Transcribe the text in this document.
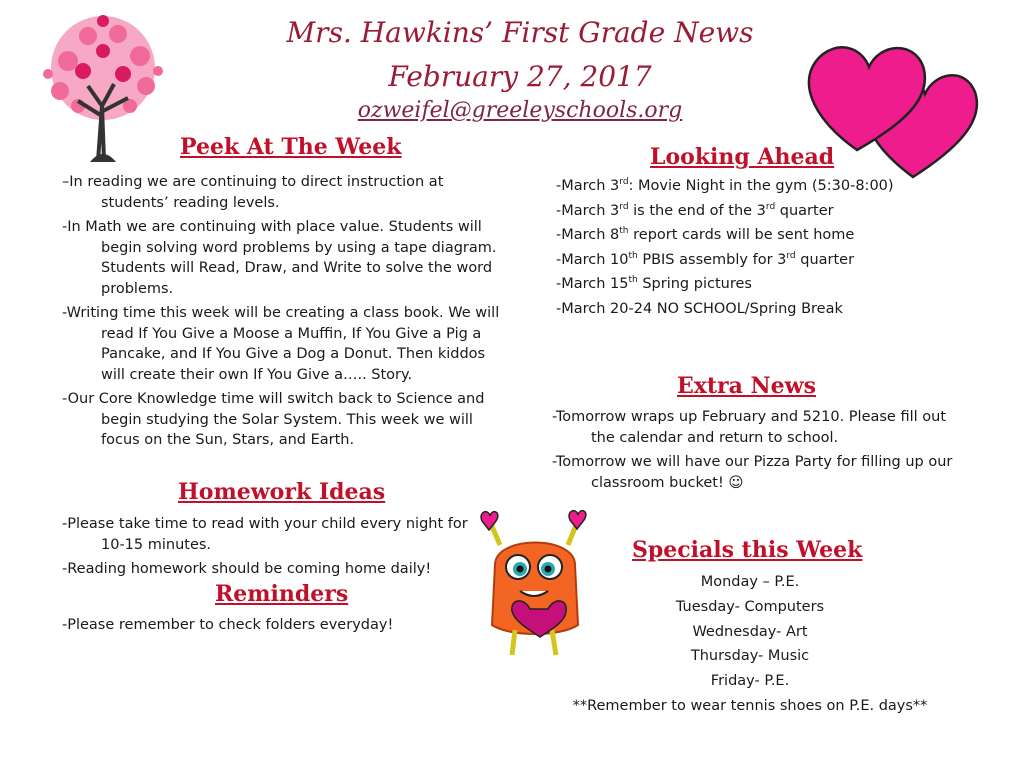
Mrs. Hawkins’ First Grade News
February 27, 2017
ozweifel@greeleyschools.org
Peek At The Week

–In reading we are continuing to direct instruction at students’ reading levels.

-In Math we are continuing with place value. Students will begin solving word problems by using a tape diagram. Students will Read, Draw, and Write to solve the word problems.

-Writing time this week will be creating a class book. We will read If You Give a Moose a Muffin, If You Give a Pig a Pancake, and If You Give a Dog a Donut. Then kiddos will create their own If You Give a….. Story.

-Our Core Knowledge time will switch back to Science and begin studying the Solar System. This week we will focus on the Sun, Stars, and Earth.

Homework Ideas

-Please take time to read with your child every night for 10-15 minutes.

-Reading homework should be coming home daily!

Reminders

-Please remember to check folders everyday!

Looking Ahead

-March 3rd: Movie Night in the gym (5:30-8:00)

-March 3rd is the end of the 3rd quarter

-March 8th report cards will be sent home

-March 10th PBIS assembly for 3rd quarter

-March 15th Spring pictures

-March 20-24 NO SCHOOL/Spring Break

Extra News

-Tomorrow wraps up February and 5210. Please fill out the calendar and return to school.

-Tomorrow we will have our Pizza Party for filling up our classroom bucket! ☺

Specials this Week
Monday – P.E.
Tuesday- Computers
Wednesday- Art
Thursday- Music
Friday- P.E.
**Remember to wear tennis shoes on P.E. days**
